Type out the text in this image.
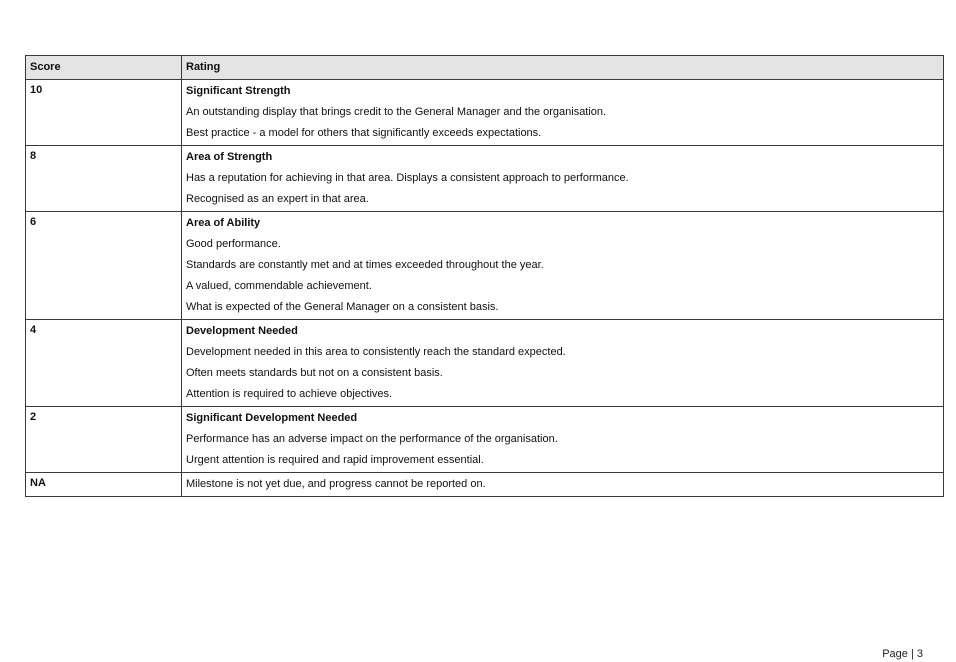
Score	Rating
10	Significant Strength
An outstanding display that brings credit to the General Manager and the organisation.
Best practice - a model for others that significantly exceeds expectations.

8	Area of Strength
Has a reputation for achieving in that area. Displays a consistent approach to performance.
Recognised as an expert in that area.

6	Area of Ability
Good performance.
Standards are constantly met and at times exceeded throughout the year.
A valued, commendable achievement.
What is expected of the General Manager on a consistent basis.

4	Development Needed
Development needed in this area to consistently reach the standard expected.
Often meets standards but not on a consistent basis.
Attention is required to achieve objectives.

2	Significant Development Needed
Performance has an adverse impact on the performance of the organisation.
Urgent attention is required and rapid improvement essential.

NA	Milestone is not yet due, and progress cannot be reported on.
Page | 3
